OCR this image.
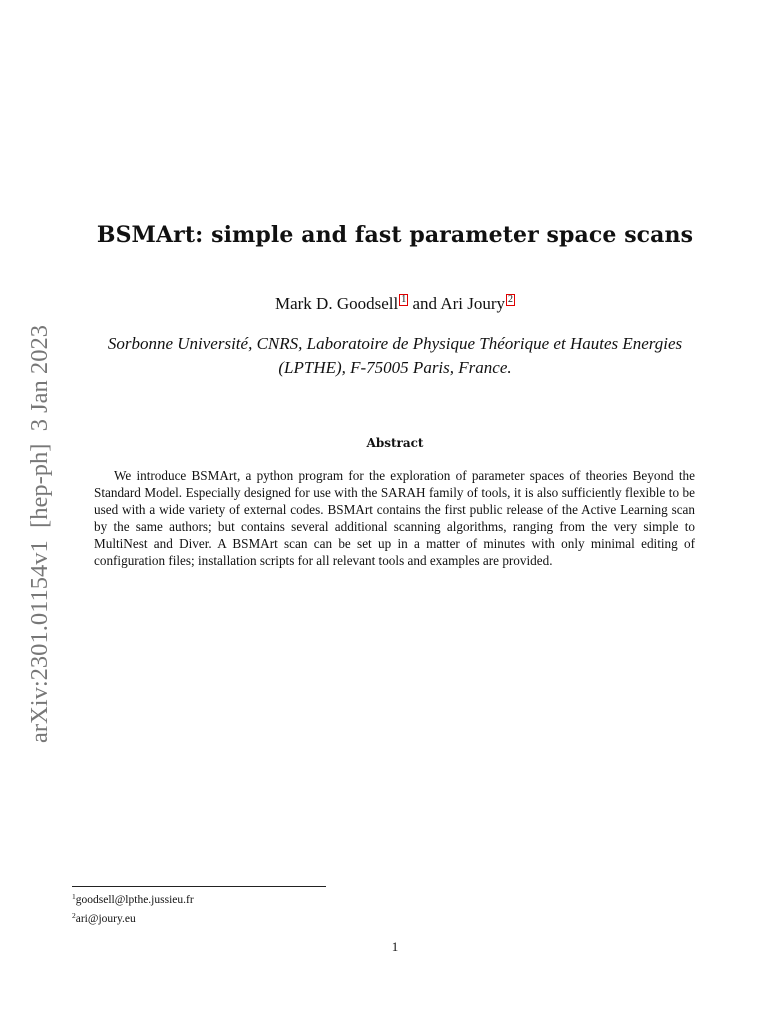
arXiv:2301.01154v1  [hep-ph]  3 Jan 2023
BSMArt: simple and fast parameter space scans
Mark D. Goodsell 1 and Ari Joury 2
Sorbonne Université, CNRS, Laboratoire de Physique Théorique et Hautes Energies
(LPTHE), F-75005 Paris, France.
Abstract

We introduce BSMArt, a python program for the exploration of parameter spaces of theories Beyond the Standard Model. Especially designed for use with the SARAH family of tools, it is also sufficiently flexible to be used with a wide variety of external codes. BSMArt contains the first public release of the Active Learning scan by the same authors; but contains several additional scanning algorithms, ranging from the very simple to MultiNest and Diver. A BSMArt scan can be set up in a matter of minutes with only minimal editing of configuration files; installation scripts for all relevant tools and examples are provided.

$^1$goodsell@lpthe.jussieu.fr
$^2$ari@joury.eu
1
